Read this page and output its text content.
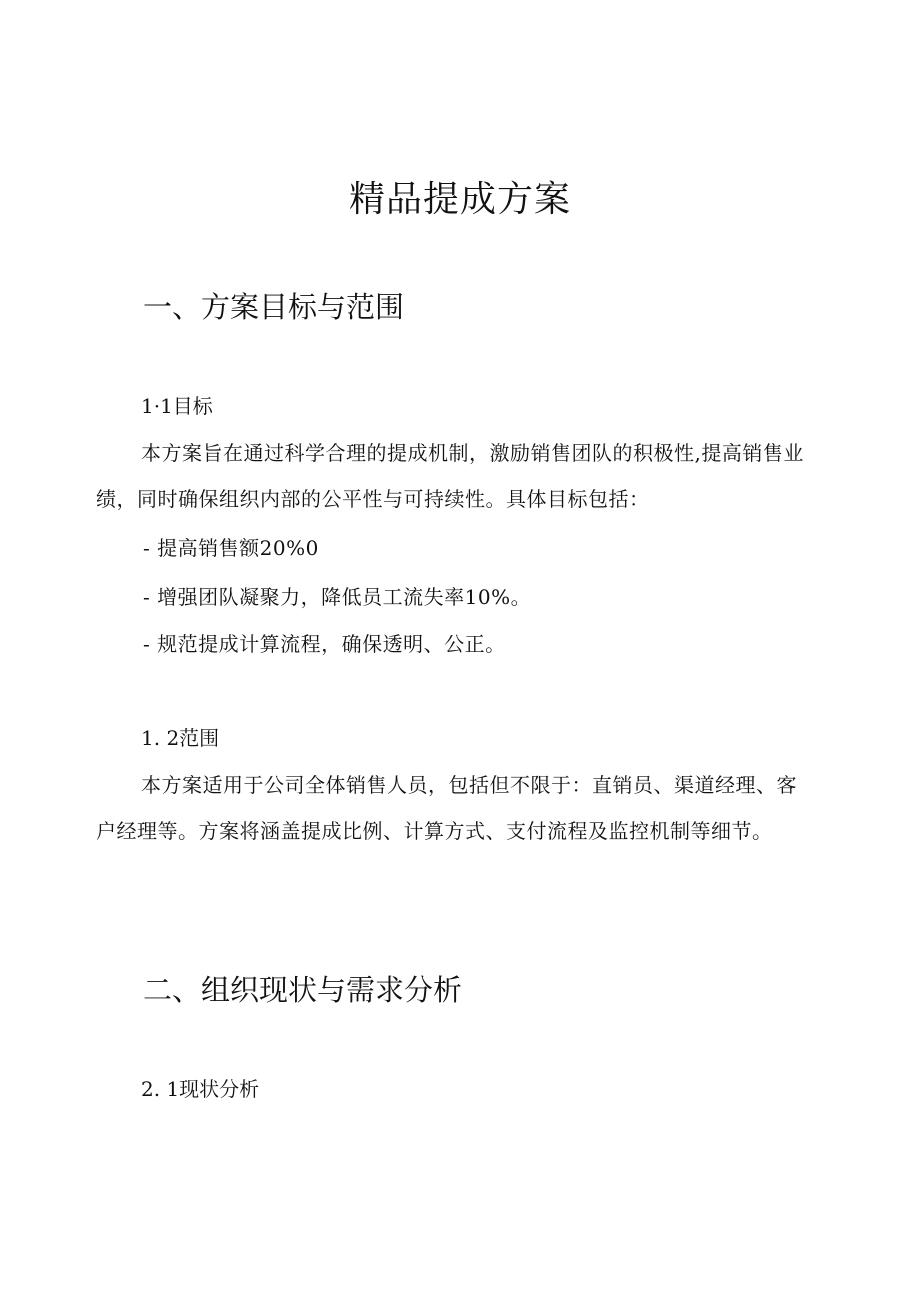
精品提成方案
一、方案目标与范围
1·1目标

本方案旨在通过科学合理的提成机制，激励销售团队的积极性,提高销售业绩，同时确保组织内部的公平性与可持续性。具体目标包括：

- 提高销售额20%0
- 增强团队凝聚力，降低员工流失率10%。
- 规范提成计算流程，确保透明、公正。
1. 2范围

本方案适用于公司全体销售人员，包括但不限于：直销员、渠道经理、客户经理等。方案将涵盖提成比例、计算方式、支付流程及监控机制等细节。

二、组织现状与需求分析
2. 1现状分析
